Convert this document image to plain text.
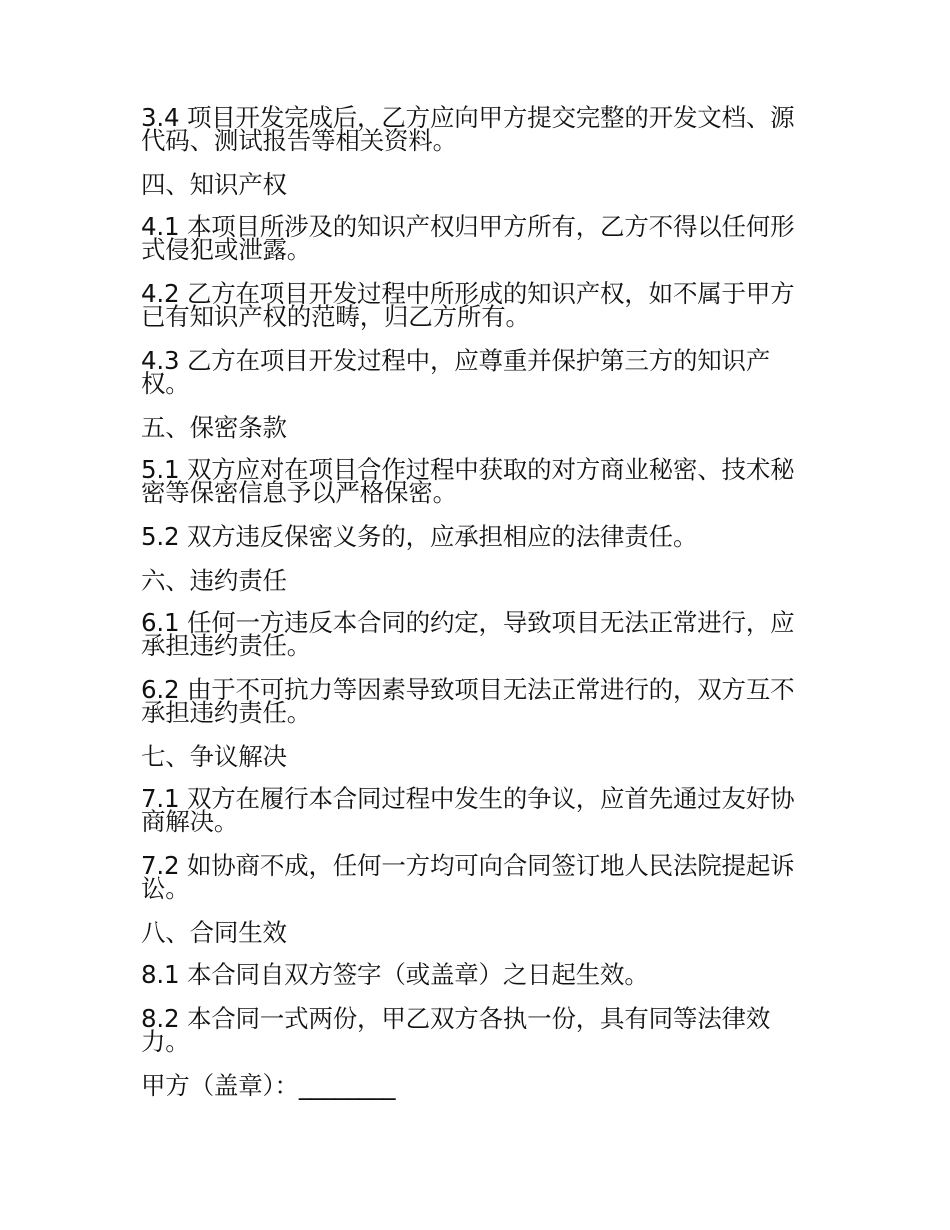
3.4 项目开发完成后，乙方应向甲方提交完整的开发文档、源代码、测试报告等相关资料。

四、知识产权

4.1 本项目所涉及的知识产权归甲方所有，乙方不得以任何形式侵犯或泄露。

4.2 乙方在项目开发过程中所形成的知识产权，如不属于甲方已有知识产权的范畴，归乙方所有。

4.3 乙方在项目开发过程中，应尊重并保护第三方的知识产权。

五、保密条款

5.1 双方应对在项目合作过程中获取的对方商业秘密、技术秘密等保密信息予以严格保密。

5.2 双方违反保密义务的，应承担相应的法律责任。

六、违约责任

6.1 任何一方违反本合同的约定，导致项目无法正常进行，应承担违约责任。

6.2 由于不可抗力等因素导致项目无法正常进行的，双方互不承担违约责任。

七、争议解决

7.1 双方在履行本合同过程中发生的争议，应首先通过友好协商解决。

7.2 如协商不成，任何一方均可向合同签订地人民法院提起诉讼。

八、合同生效

8.1 本合同自双方签字（或盖章）之日起生效。

8.2 本合同一式两份，甲乙双方各执一份，具有同等法律效力。

甲方（盖章）：________
